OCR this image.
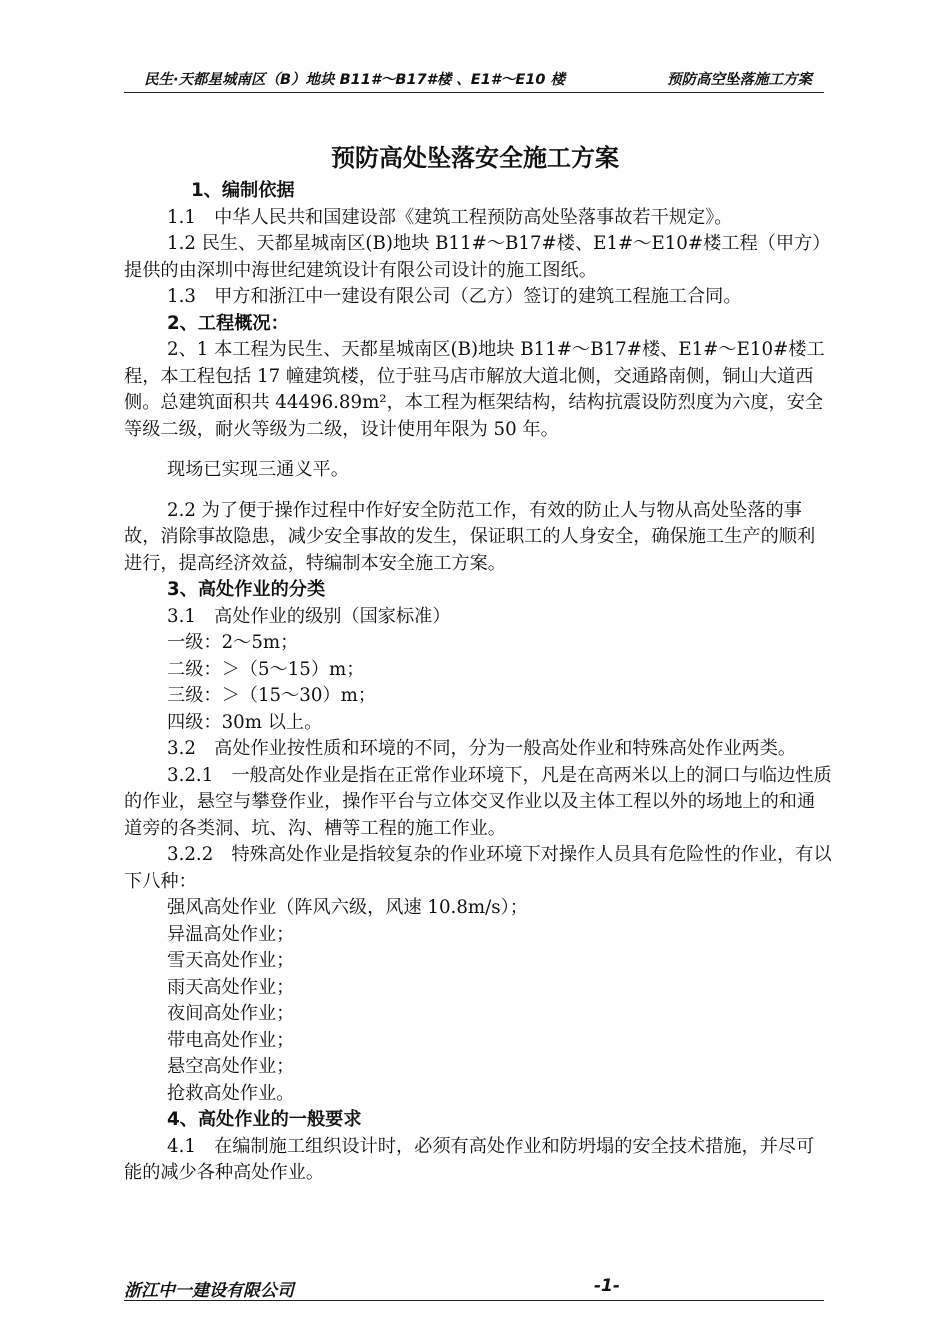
民生·天都星城南区（B）地块 B11#～B17#楼 、E1#～E10 楼	预防高空坠落施工方案
预防高处坠落安全施工方案

1、编制依据

1.1　中华人民共和国建设部《建筑工程预防高处坠落事故若干规定》。

1.2 民生、天都星城南区(B)地块 B11#～B17#楼、E1#～E10#楼工程（甲方）提供的由深圳中海世纪建筑设计有限公司设计的施工图纸。

1.3　甲方和浙江中一建设有限公司（乙方）签订的建筑工程施工合同。

2、工程概况：

2、1 本工程为民生、天都星城南区(B)地块 B11#～B17#楼、E1#～E10#楼工程，本工程包括 17 幢建筑楼，位于驻马店市解放大道北侧，交通路南侧，铜山大道西侧。总建筑面积共 44496.89m²，本工程为框架结构，结构抗震设防烈度为六度，安全等级二级，耐火等级为二级，设计使用年限为 50 年。

现场已实现三通义平。

2.2 为了便于操作过程中作好安全防范工作，有效的防止人与物从高处坠落的事故，消除事故隐患，减少安全事故的发生，保证职工的人身安全，确保施工生产的顺利进行，提高经济效益，特编制本安全施工方案。

3、高处作业的分类

3.1　高处作业的级别（国家标准）

一级：2～5m；

二级：＞（5～15）m；

三级：＞（15～30）m；

四级：30m 以上。

3.2　高处作业按性质和环境的不同，分为一般高处作业和特殊高处作业两类。

3.2.1　一般高处作业是指在正常作业环境下，凡是在高两米以上的洞口与临边性质的作业，悬空与攀登作业，操作平台与立体交叉作业以及主体工程以外的场地上的和通道旁的各类洞、坑、沟、槽等工程的施工作业。

3.2.2　特殊高处作业是指较复杂的作业环境下对操作人员具有危险性的作业，有以下八种：

强风高处作业（阵风六级，风速 10.8m/s）；

异温高处作业；

雪天高处作业；

雨天高处作业；

夜间高处作业；

带电高处作业；

悬空高处作业；

抢救高处作业。

4、高处作业的一般要求

4.1　在编制施工组织设计时，必须有高处作业和防坍塌的安全技术措施，并尽可能的减少各种高处作业。

浙江中一建设有限公司	-1-
